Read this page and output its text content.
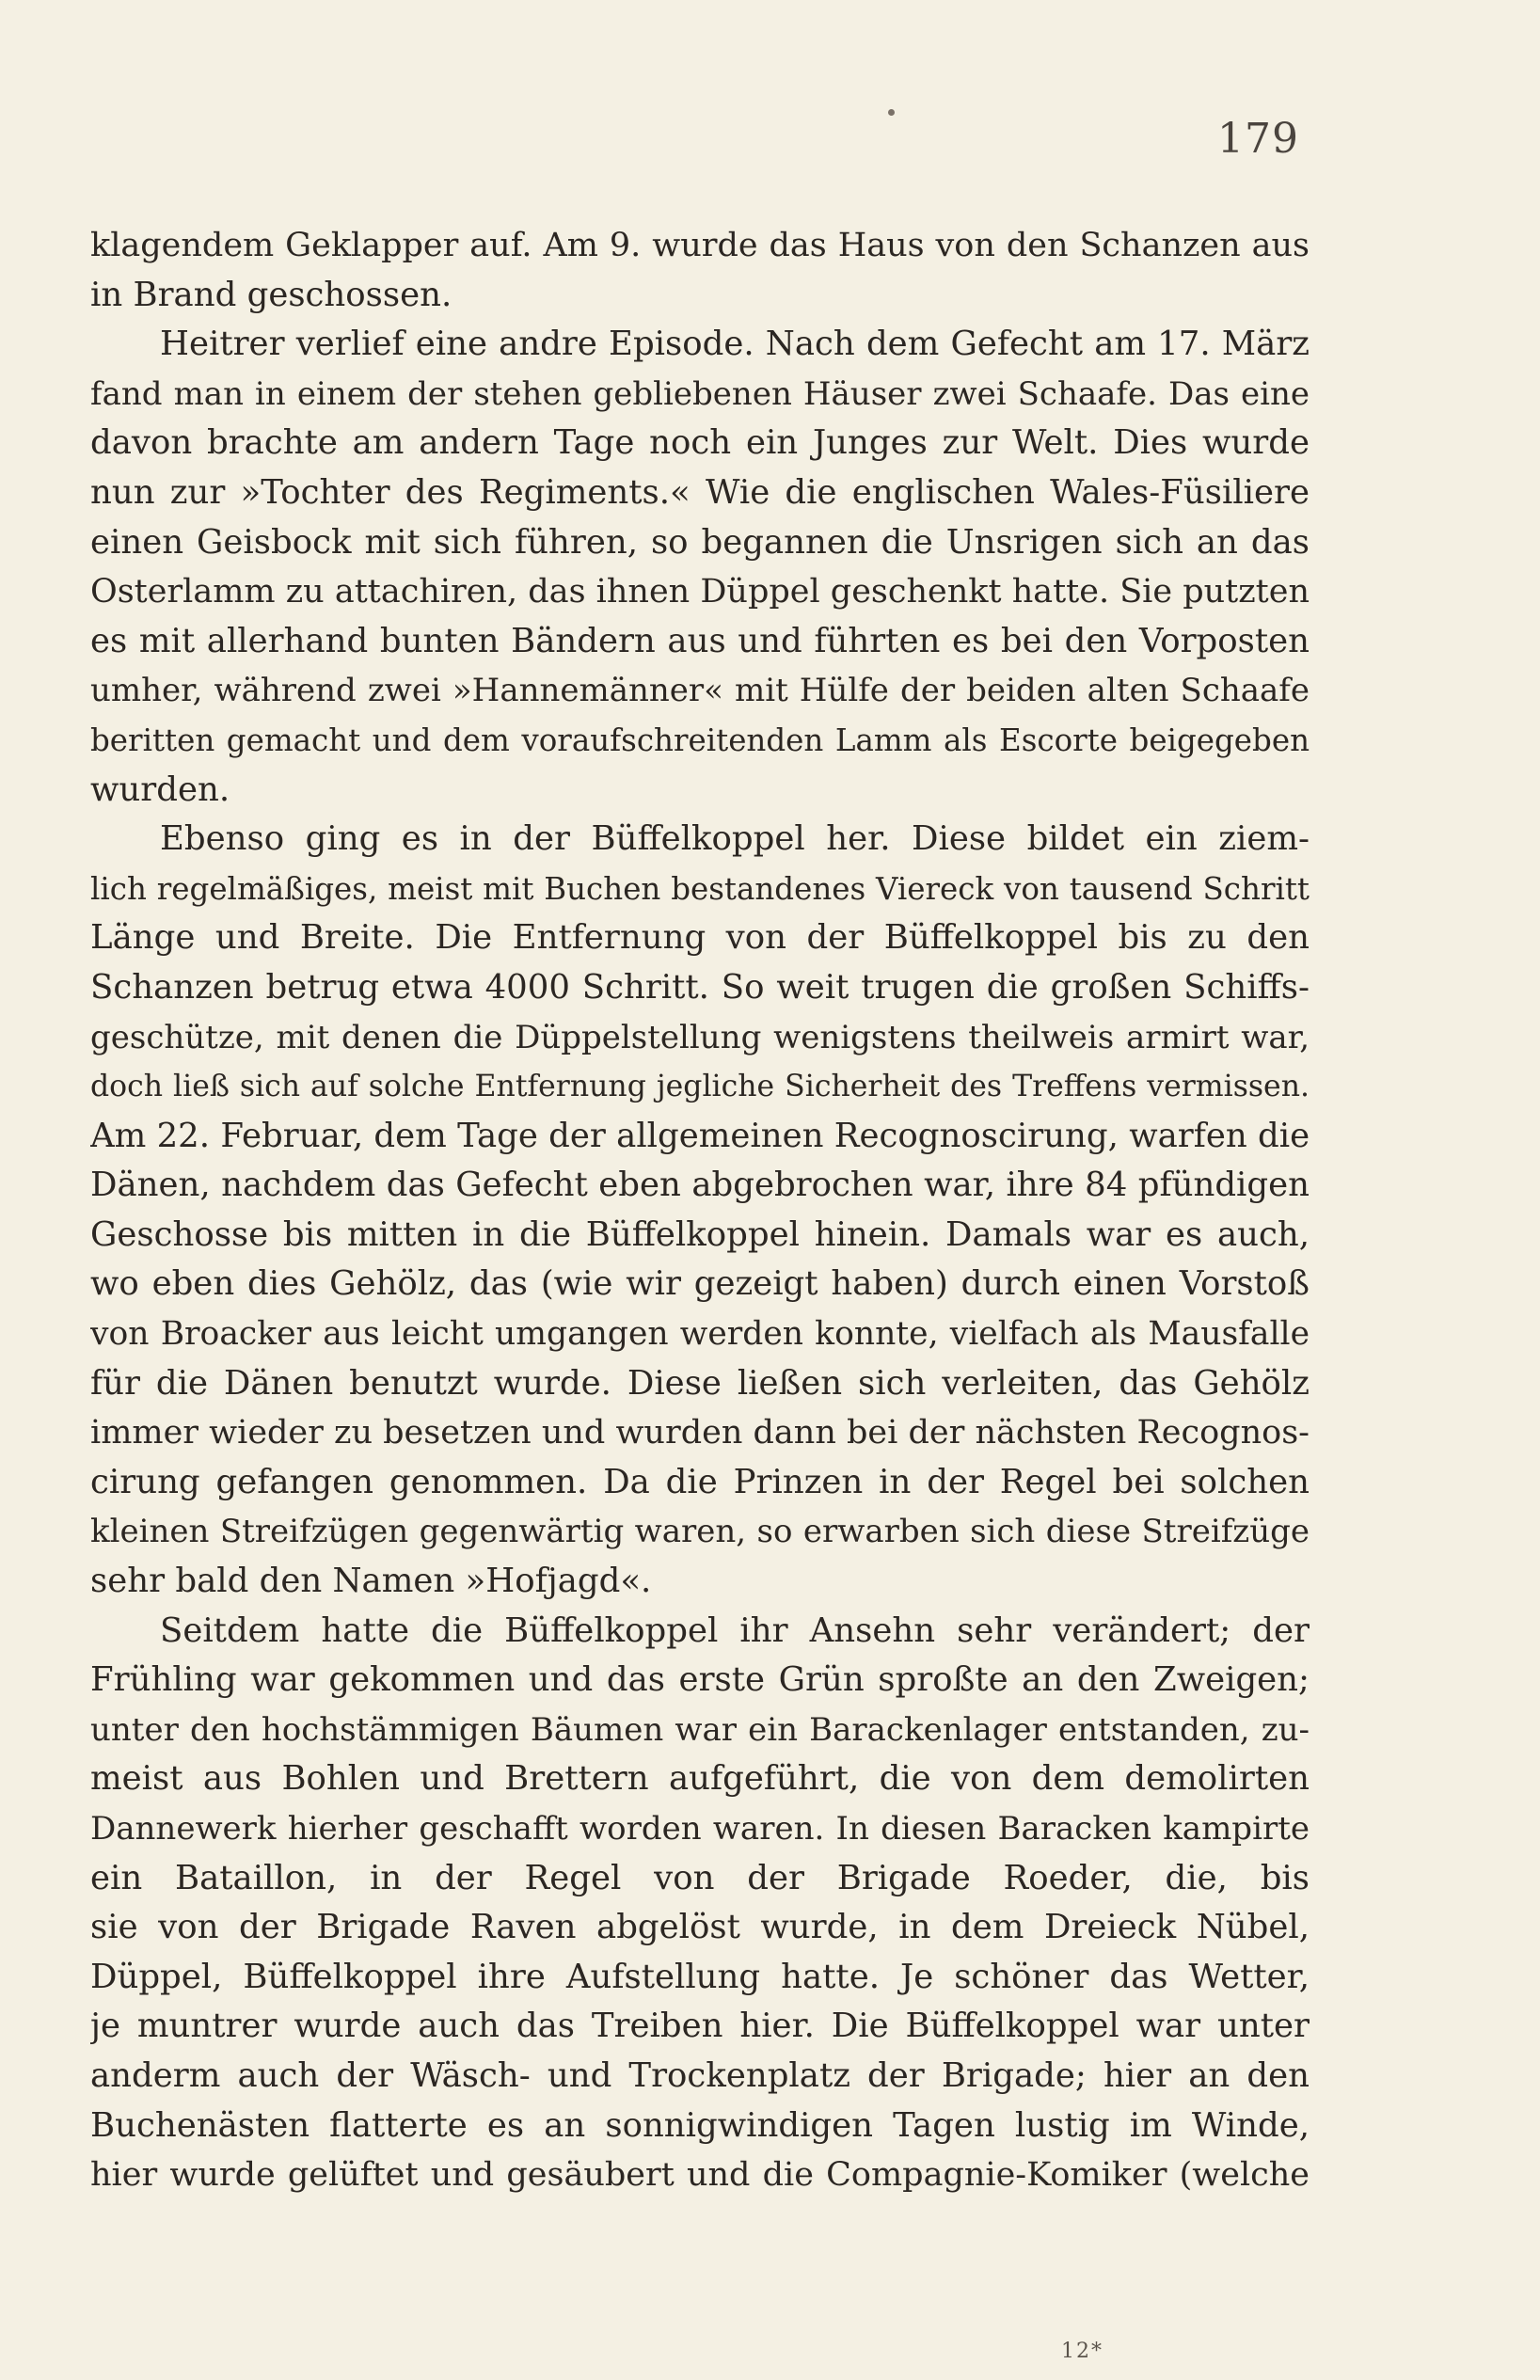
179
klagendem Geklapper auf. Am 9. wurde das Haus von den Schanzen aus
in Brand geschossen.
Heitrer verlief eine andre Episode. Nach dem Gefecht am 17. März
fand man in einem der stehen gebliebenen Häuser zwei Schaafe. Das eine
davon brachte am andern Tage noch ein Junges zur Welt. Dies wurde
nun zur »Tochter des Regiments.« Wie die englischen Wales-Füsiliere
einen Geisbock mit sich führen, so begannen die Unsrigen sich an das
Osterlamm zu attachiren, das ihnen Düppel geschenkt hatte. Sie putzten
es mit allerhand bunten Bändern aus und führten es bei den Vorposten
umher, während zwei »Hannemänner« mit Hülfe der beiden alten Schaafe
beritten gemacht und dem voraufschreitenden Lamm als Escorte beigegeben
wurden.
Ebenso ging es in der Büffelkoppel her. Diese bildet ein ziem-
lich regelmäßiges, meist mit Buchen bestandenes Viereck von tausend Schritt
Länge und Breite. Die Entfernung von der Büffelkoppel bis zu den
Schanzen betrug etwa 4000 Schritt. So weit trugen die großen Schiffs-
geschütze, mit denen die Düppelstellung wenigstens theilweis armirt war,
doch ließ sich auf solche Entfernung jegliche Sicherheit des Treffens vermissen.
Am 22. Februar, dem Tage der allgemeinen Recognoscirung, warfen die
Dänen, nachdem das Gefecht eben abgebrochen war, ihre 84 pfündigen
Geschosse bis mitten in die Büffelkoppel hinein. Damals war es auch,
wo eben dies Gehölz, das (wie wir gezeigt haben) durch einen Vorstoß
von Broacker aus leicht umgangen werden konnte, vielfach als Mausfalle
für die Dänen benutzt wurde. Diese ließen sich verleiten, das Gehölz
immer wieder zu besetzen und wurden dann bei der nächsten Recognos-
cirung gefangen genommen. Da die Prinzen in der Regel bei solchen
kleinen Streifzügen gegenwärtig waren, so erwarben sich diese Streifzüge
sehr bald den Namen »Hofjagd«.
Seitdem hatte die Büffelkoppel ihr Ansehn sehr verändert; der
Frühling war gekommen und das erste Grün sproßte an den Zweigen;
unter den hochstämmigen Bäumen war ein Barackenlager entstanden, zu-
meist aus Bohlen und Brettern aufgeführt, die von dem demolirten
Dannewerk hierher geschafft worden waren. In diesen Baracken kampirte
ein Bataillon, in der Regel von der Brigade Roeder, die, bis
sie von der Brigade Raven abgelöst wurde, in dem Dreieck Nübel,
Düppel, Büffelkoppel ihre Aufstellung hatte. Je schöner das Wetter,
je muntrer wurde auch das Treiben hier. Die Büffelkoppel war unter
anderm auch der Wäsch- und Trockenplatz der Brigade; hier an den
Buchenästen flatterte es an sonnigwindigen Tagen lustig im Winde,
hier wurde gelüftet und gesäubert und die Compagnie-Komiker (welche
12*
